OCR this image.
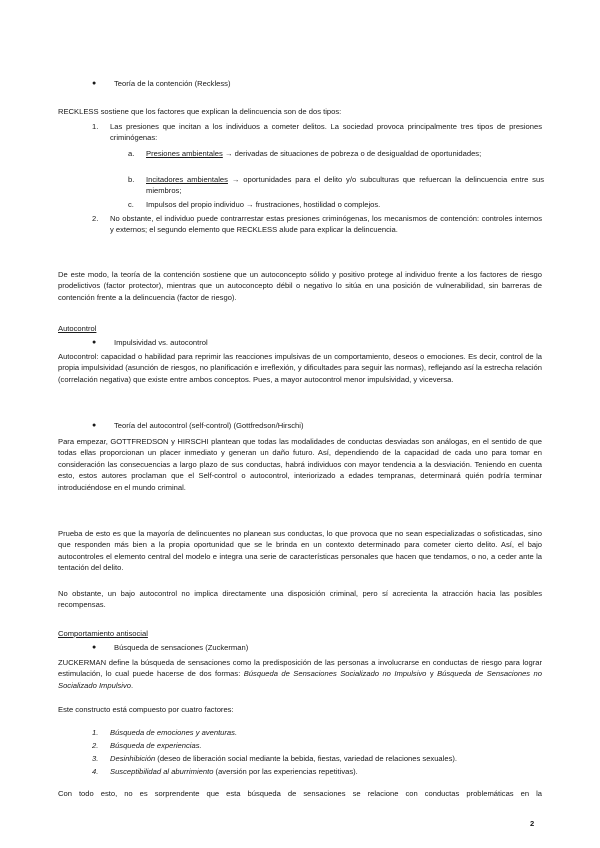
● Teoría de la contención (Reckless)

RECKLESS sostiene que los factores que explican la delincuencia son de dos tipos:

1. Las presiones que incitan a los individuos a cometer delitos. La sociedad provoca principalmente tres tipos de presiones criminógenas:
a. Presiones ambientales → derivadas de situaciones de pobreza o de desigualdad de oportunidades;
b. Incitadores ambientales → oportunidades para el delito y/o subculturas que refuercan la delincuencia entre sus miembros;
c. Impulsos del propio individuo → frustraciones, hostilidad o complejos.
2. No obstante, el individuo puede contrarrestar estas presiones criminógenas, los mecanismos de contención: controles internos y externos; el segundo elemento que RECKLESS alude para explicar la delincuencia.

De este modo, la teoría de la contención sostiene que un autoconcepto sólido y positivo protege al individuo frente a los factores de riesgo prodelictivos (factor protector), mientras que un autoconcepto débil o negativo lo sitúa en una posición de vulnerabilidad, sin barreras de contención frente a la delincuencia (factor de riesgo).

Autocontrol

● Impulsividad vs. autocontrol

Autocontrol: capacidad o habilidad para reprimir las reacciones impulsivas de un comportamiento, deseos o emociones. Es decir, control de la propia impulsividad (asunción de riesgos, no planificación e irreflexión, y dificultades para seguir las normas), reflejando así la estrecha relación (correlación negativa) que existe entre ambos conceptos. Pues, a mayor autocontrol menor impulsividad, y viceversa.

● Teoría del autocontrol (self-control) (Gottfredson/Hirschi)

Para empezar, GOTTFREDSON y HIRSCHI plantean que todas las modalidades de conductas desviadas son análogas, en el sentido de que todas ellas proporcionan un placer inmediato y generan un daño futuro. Así, dependiendo de la capacidad de cada uno para tomar en consideración las consecuencias a largo plazo de sus conductas, habrá individuos con mayor tendencia a la desviación. Teniendo en cuenta esto, estos autores proclaman que el Self-control o autocontrol, interiorizado a edades tempranas, determinará quién podría terminar introduciéndose en el mundo criminal.

Prueba de esto es que la mayoría de delincuentes no planean sus conductas, lo que provoca que no sean especializadas o sofisticadas, sino que responden más bien a la propia oportunidad que se le brinda en un contexto determinado para cometer cierto delito. Así, el bajo autocontroles el elemento central del modelo e integra una serie de características personales que hacen que tendamos, o no, a ceder ante la tentación del delito.

No obstante, un bajo autocontrol no implica directamente una disposición criminal, pero sí acrecienta la atracción hacia las posibles recompensas.

Comportamiento antisocial

● Búsqueda de sensaciones (Zuckerman)

ZUCKERMAN define la búsqueda de sensaciones como la predisposición de las personas a involucrarse en conductas de riesgo para lograr estimulación, lo cual puede hacerse de dos formas: Búsqueda de Sensaciones Socializado no Impulsivo y Búsqueda de Sensaciones no Socializado Impulsivo.

Este constructo está compuesto por cuatro factores:

1. Búsqueda de emociones y aventuras.
2. Búsqueda de experiencias.
3. Desinhibición (deseo de liberación social mediante la bebida, fiestas, variedad de relaciones sexuales).
4. Susceptibilidad al aburrimiento (aversión por las experiencias repetitivas).

Con todo esto, no es sorprendente que esta búsqueda de sensaciones se relacione con conductas problemáticas en la

2
